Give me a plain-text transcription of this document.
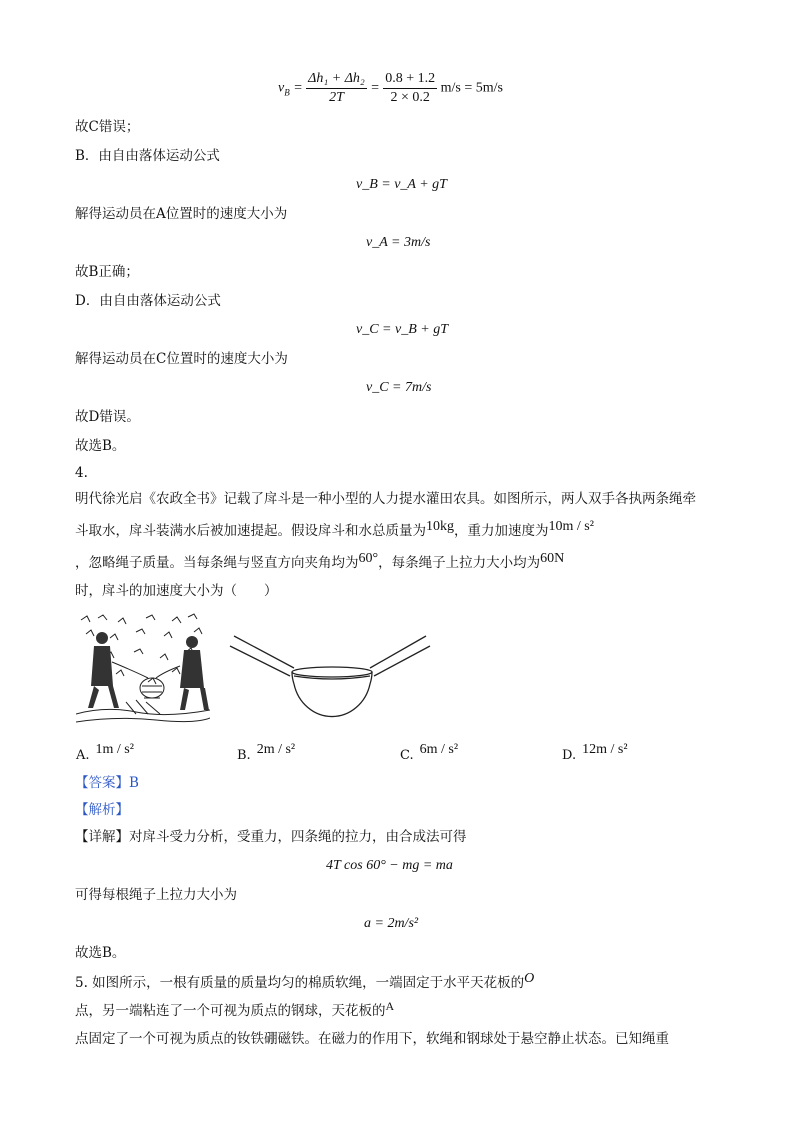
$v_B = \frac{\text{Δh₁ + Δh₂}}{2T} = \frac{0.8 + 1.2}{2 \times 0.2} m/s = 5m/s$
故C错误；
B．由自由落体运动公式
v_B = v_A + gT
解得运动员在A位置时的速度大小为
v_A = 3m/s
故B正确；
D．由自由落体运动公式
v_C = v_B + gT
解得运动员在C位置时的速度大小为
v_C = 7m/s
故D错误。
故选B。
4.
明代徐光启《农政全书》记载了戽斗是一种小型的人力提水灌田农具。如图所示，两人双手各执两条绳牵
斗取水，戽斗装满水后被加速提起。假设戽斗和水总质量为10kg，重力加速度为10m / s²
，忽略绳子质量。当每条绳与竖直方向夹角均为60°，每条绳子上拉力大小均为60N
时，戽斗的加速度大小为（　　）
A. 1m / s²	B. 2m / s²	C. 6m / s²	D. 12m / s²
【答案】B
【解析】
【详解】对戽斗受力分析，受重力，四条绳的拉力，由合成法可得
4T cos 60° − mg = ma
可得每根绳子上拉力大小为
a = 2m/s²
故选B。
5. 如图所示，一根有质量的质量均匀的棉质软绳，一端固定于水平天花板的O
点，另一端粘连了一个可视为质点的钢球，天花板的A
点固定了一个可视为质点的钕铁硼磁铁。在磁力的作用下，软绳和钢球处于悬空静止状态。已知绳重
